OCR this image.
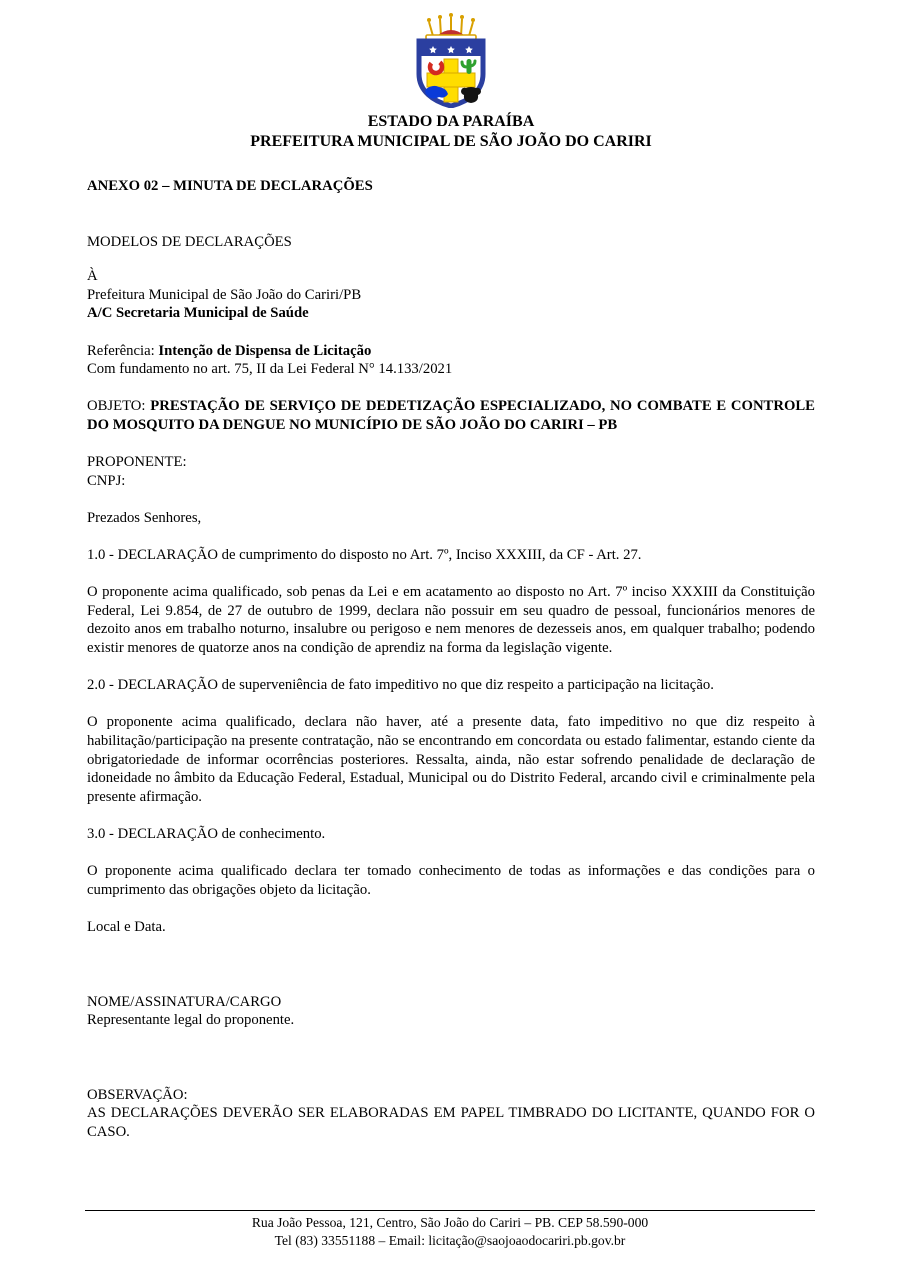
ESTADO DA PARAÍBA
PREFEITURA MUNICIPAL DE SÃO JOÃO DO CARIRI
ANEXO 02 – MINUTA DE DECLARAÇÕES
MODELOS DE DECLARAÇÕES
À
Prefeitura Municipal de São João do Cariri/PB
A/C Secretaria Municipal de Saúde
Referência: Intenção de Dispensa de Licitação
Com fundamento no art. 75, II da Lei Federal N° 14.133/2021
OBJETO: PRESTAÇÃO DE SERVIÇO DE DEDETIZAÇÃO ESPECIALIZADO, NO COMBATE E CONTROLE DO MOSQUITO DA DENGUE NO MUNICÍPIO DE SÃO JOÃO DO CARIRI – PB
PROPONENTE:
CNPJ:
Prezados Senhores,
1.0 - DECLARAÇÃO de cumprimento do disposto no Art. 7º, Inciso XXXIII, da CF - Art. 27.

O proponente acima qualificado, sob penas da Lei e em acatamento ao disposto no Art. 7º inciso XXXIII da Constituição Federal, Lei 9.854, de 27 de outubro de 1999, declara não possuir em seu quadro de pessoal, funcionários menores de dezoito anos em trabalho noturno, insalubre ou perigoso e nem menores de dezesseis anos, em qualquer trabalho; podendo existir menores de quatorze anos na condição de aprendiz na forma da legislação vigente.

2.0 - DECLARAÇÃO de superveniência de fato impeditivo no que diz respeito a participação na licitação.

O proponente acima qualificado, declara não haver, até a presente data, fato impeditivo no que diz respeito à habilitação/participação na presente contratação, não se encontrando em concordata ou estado falimentar, estando ciente da obrigatoriedade de informar ocorrências posteriores. Ressalta, ainda, não estar sofrendo penalidade de declaração de idoneidade no âmbito da Educação Federal, Estadual, Municipal ou do Distrito Federal, arcando civil e criminalmente pela presente afirmação.

3.0 - DECLARAÇÃO de conhecimento.

O proponente acima qualificado declara ter tomado conhecimento de todas as informações e das condições para o cumprimento das obrigações objeto da licitação.

Local e Data.
NOME/ASSINATURA/CARGO
Representante legal do proponente.
OBSERVAÇÃO:
AS DECLARAÇÕES DEVERÃO SER ELABORADAS EM PAPEL TIMBRADO DO LICITANTE, QUANDO FOR O CASO.
Rua João Pessoa, 121, Centro, São João do Cariri – PB. CEP 58.590-000
Tel (83) 33551188 – Email: licitação@saojoaodocariri.pb.gov.br
